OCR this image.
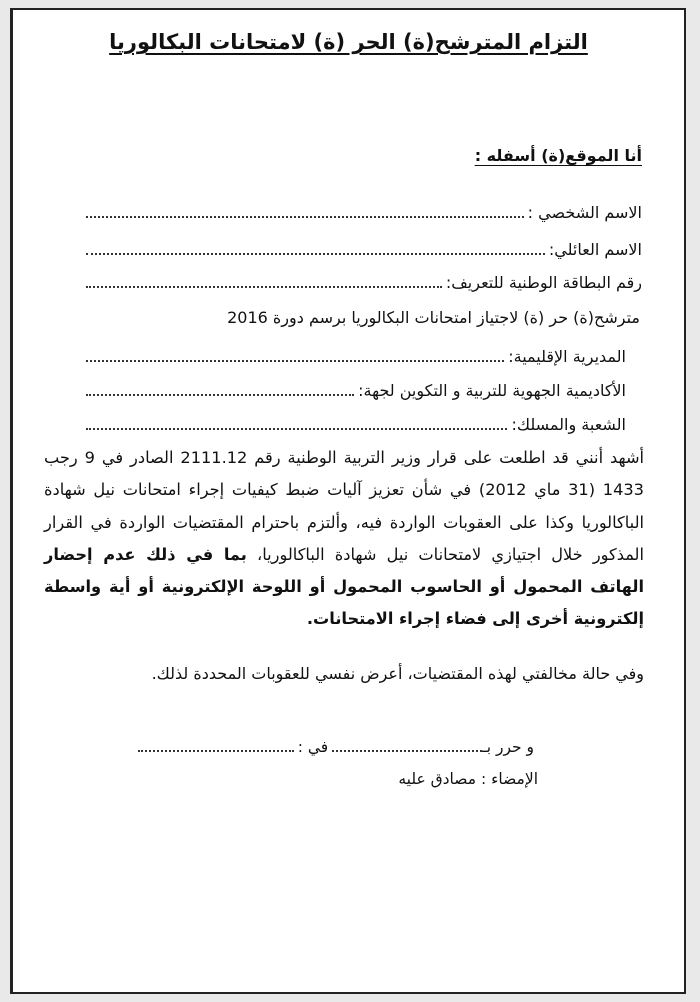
التزام المترشح(ة) الحر (ة) لامتحانات البكالوريا
أنا الموقع(ة) أسفله :
الاسم الشخصي :
الاسم العائلي:
رقم البطاقة الوطنية للتعريف:
مترشح(ة) حر (ة) لاجتياز امتحانات البكالوريا برسم دورة 2016
المديرية الإقليمية:
الأكاديمية الجهوية للتربية و التكوين لجهة:
الشعبة والمسلك:
أشهد أنني قد اطلعت على قرار وزير التربية الوطنية رقم 2111.12 الصادر في 9 رجب 1433 (31 ماي 2012) في شأن تعزيز آليات ضبط كيفيات إجراء امتحانات نيل شهادة الباكالوريا وكذا على العقوبات الواردة فيه، وألتزم باحترام المقتضيات الواردة في القرار المذكور خلال اجتيازي لامتحانات نيل شهادة الباكالوريا، بما في ذلك عدم إحضار الهاتف المحمول أو الحاسوب المحمول أو اللوحة الإلكترونية أو أية واسطة إلكترونية أخرى إلى فضاء إجراء الامتحانات.
وفي حالة مخالفتي لهذه المقتضيات، أعرض نفسي للعقوبات المحددة لذلك.
و حرر بـ
في :
الإمضاء : مصادق عليه
